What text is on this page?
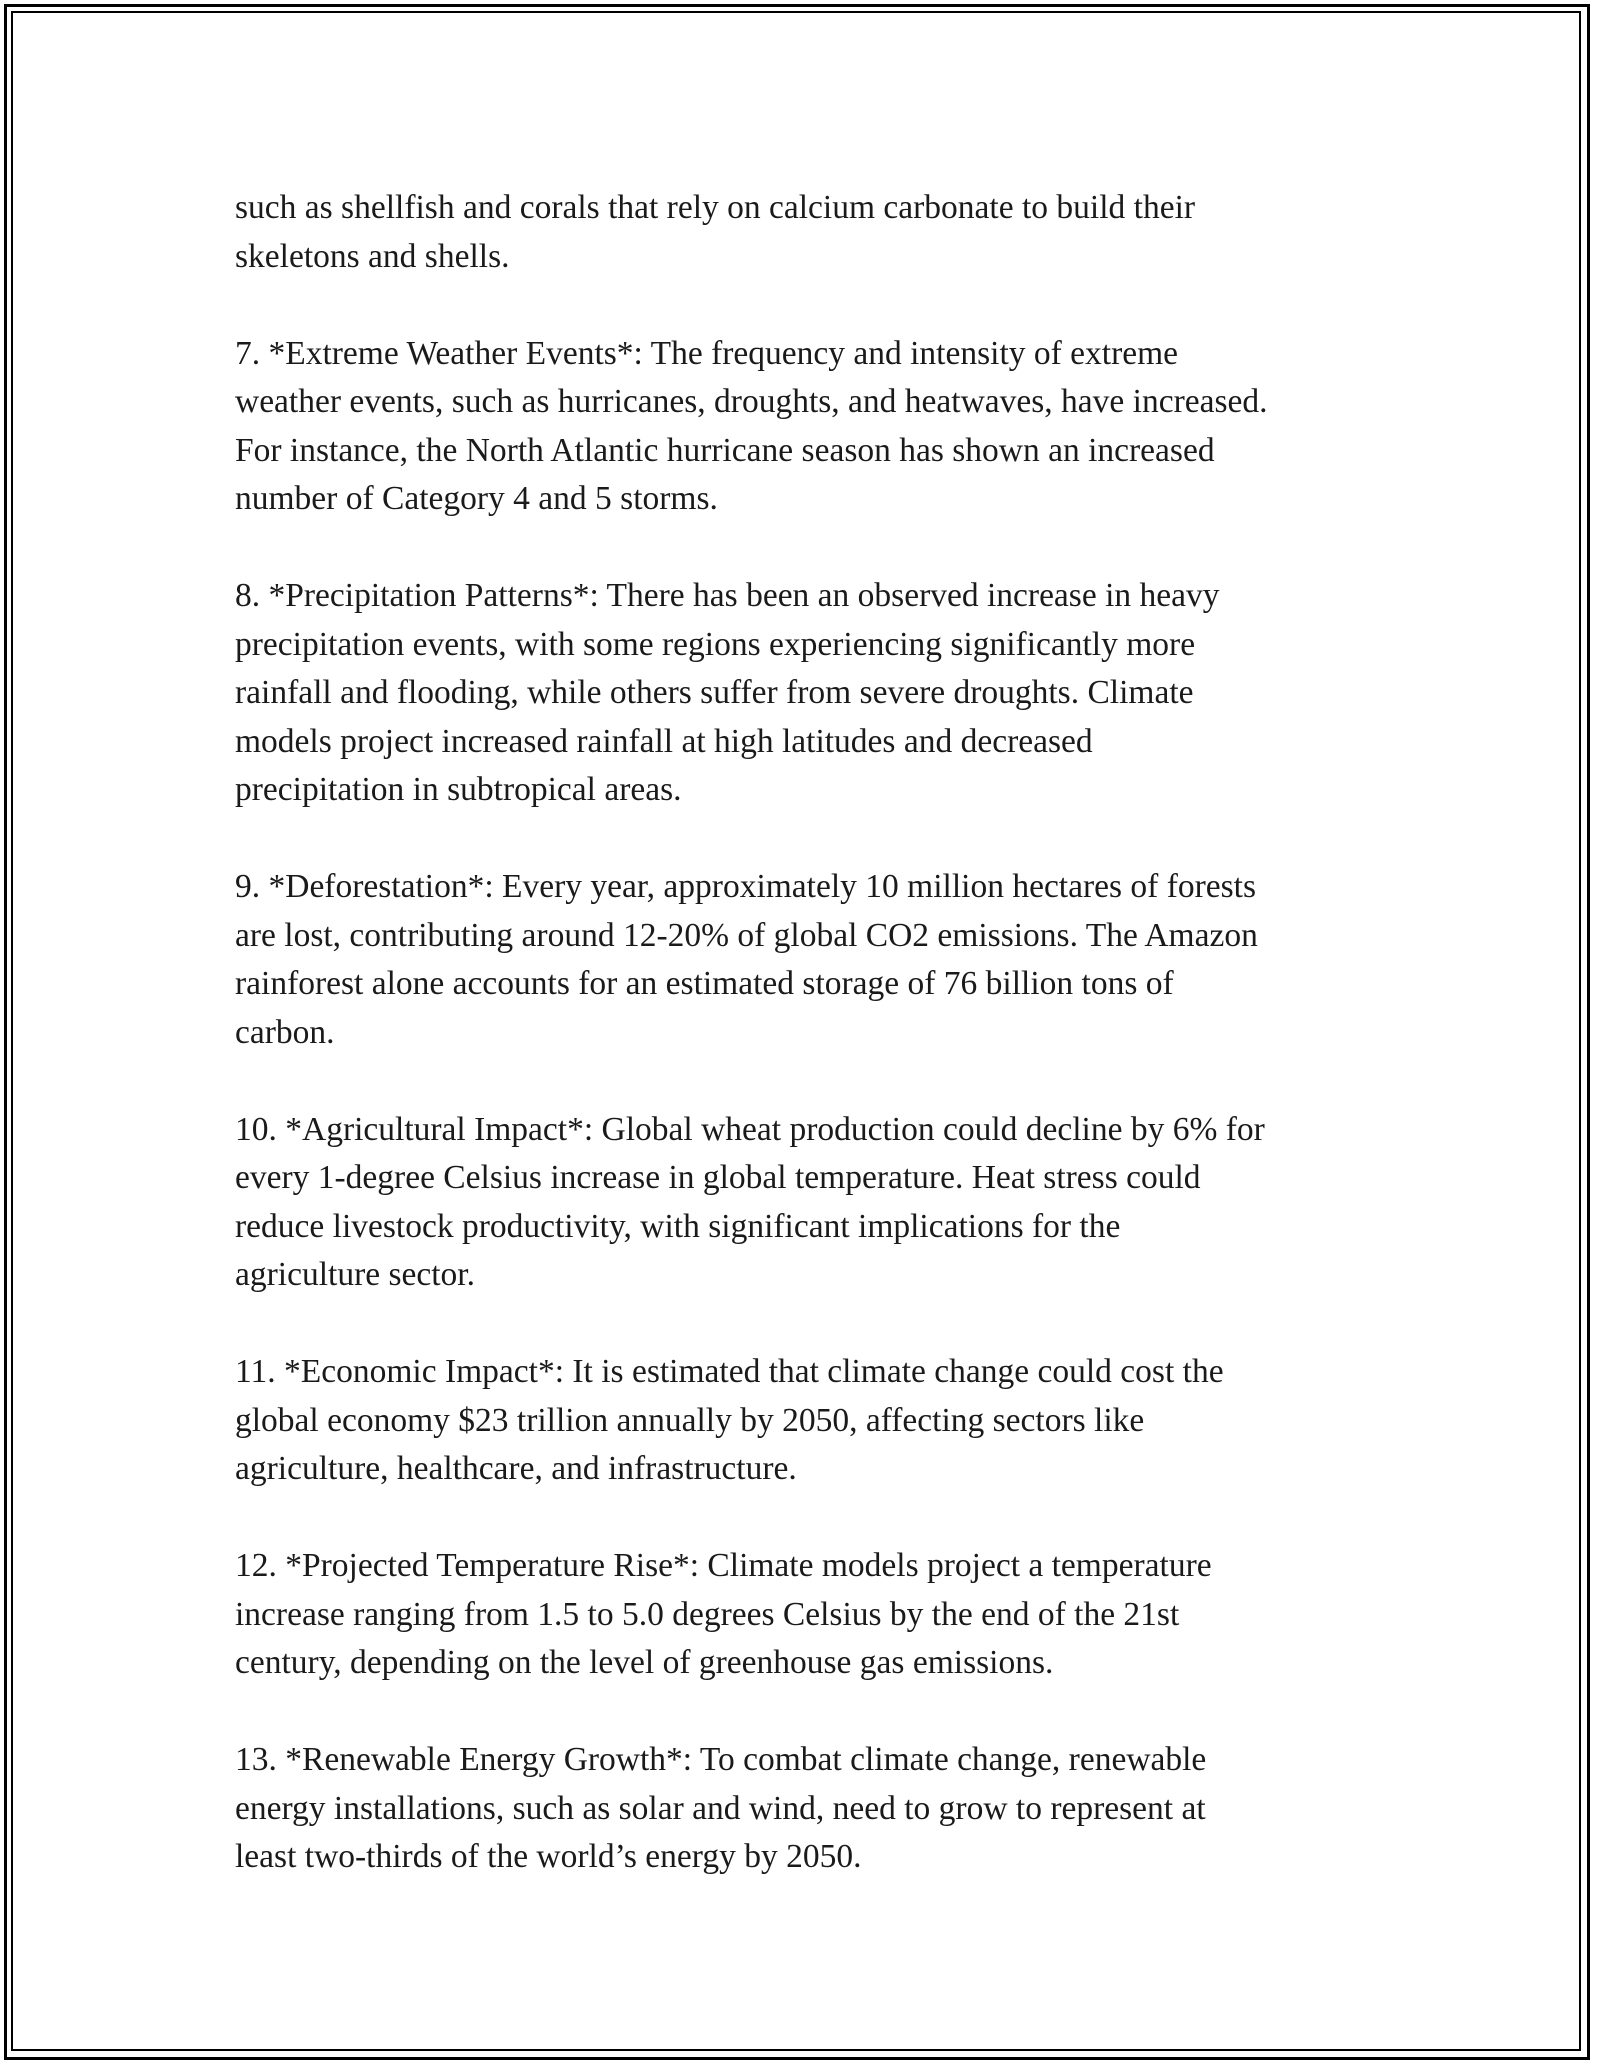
such as shellfish and corals that rely on calcium carbonate to build their
skeletons and shells.

7. *Extreme Weather Events*: The frequency and intensity of extreme
weather events, such as hurricanes, droughts, and heatwaves, have increased.
For instance, the North Atlantic hurricane season has shown an increased
number of Category 4 and 5 storms.

8. *Precipitation Patterns*: There has been an observed increase in heavy
precipitation events, with some regions experiencing significantly more
rainfall and flooding, while others suffer from severe droughts. Climate
models project increased rainfall at high latitudes and decreased
precipitation in subtropical areas.

9. *Deforestation*: Every year, approximately 10 million hectares of forests
are lost, contributing around 12-20% of global CO2 emissions. The Amazon
rainforest alone accounts for an estimated storage of 76 billion tons of
carbon.

10. *Agricultural Impact*: Global wheat production could decline by 6% for
every 1-degree Celsius increase in global temperature. Heat stress could
reduce livestock productivity, with significant implications for the
agriculture sector.

11. *Economic Impact*: It is estimated that climate change could cost the
global economy $23 trillion annually by 2050, affecting sectors like
agriculture, healthcare, and infrastructure.

12. *Projected Temperature Rise*: Climate models project a temperature
increase ranging from 1.5 to 5.0 degrees Celsius by the end of the 21st
century, depending on the level of greenhouse gas emissions.

13. *Renewable Energy Growth*: To combat climate change, renewable
energy installations, such as solar and wind, need to grow to represent at
least two-thirds of the world’s energy by 2050.
